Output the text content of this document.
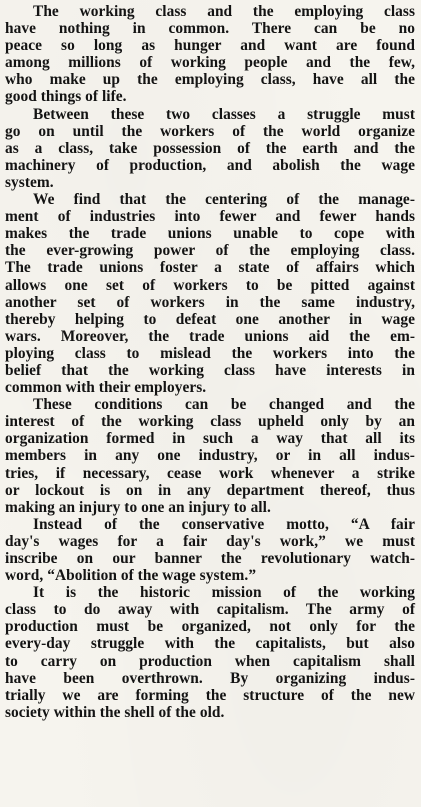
The working class and the employing class
have nothing in common. There can be no
peace so long as hunger and want are found
among millions of working people and the few,
who make up the employing class, have all the
good things of life.
Between these two classes a struggle must
go on until the workers of the world organize
as a class, take possession of the earth and the
machinery of production, and abolish the wage
system.
We find that the centering of the manage-
ment of industries into fewer and fewer hands
makes the trade unions unable to cope with
the ever-growing power of the employing class.
The trade unions foster a state of affairs which
allows one set of workers to be pitted against
another set of workers in the same industry,
thereby helping to defeat one another in wage
wars. Moreover, the trade unions aid the em-
ploying class to mislead the workers into the
belief that the working class have interests in
common with their employers.
These conditions can be changed and the
interest of the working class upheld only by an
organization formed in such a way that all its
members in any one industry, or in all indus-
tries, if necessary, cease work whenever a strike
or lockout is on in any department thereof, thus
making an injury to one an injury to all.
Instead of the conservative motto, “A fair
day's wages for a fair day's work,” we must
inscribe on our banner the revolutionary watch-
word, “Abolition of the wage system.”
It is the historic mission of the working
class to do away with capitalism. The army of
production must be organized, not only for the
every-day struggle with the capitalists, but also
to carry on production when capitalism shall
have been overthrown. By organizing indus-
trially we are forming the structure of the new
society within the shell of the old.
